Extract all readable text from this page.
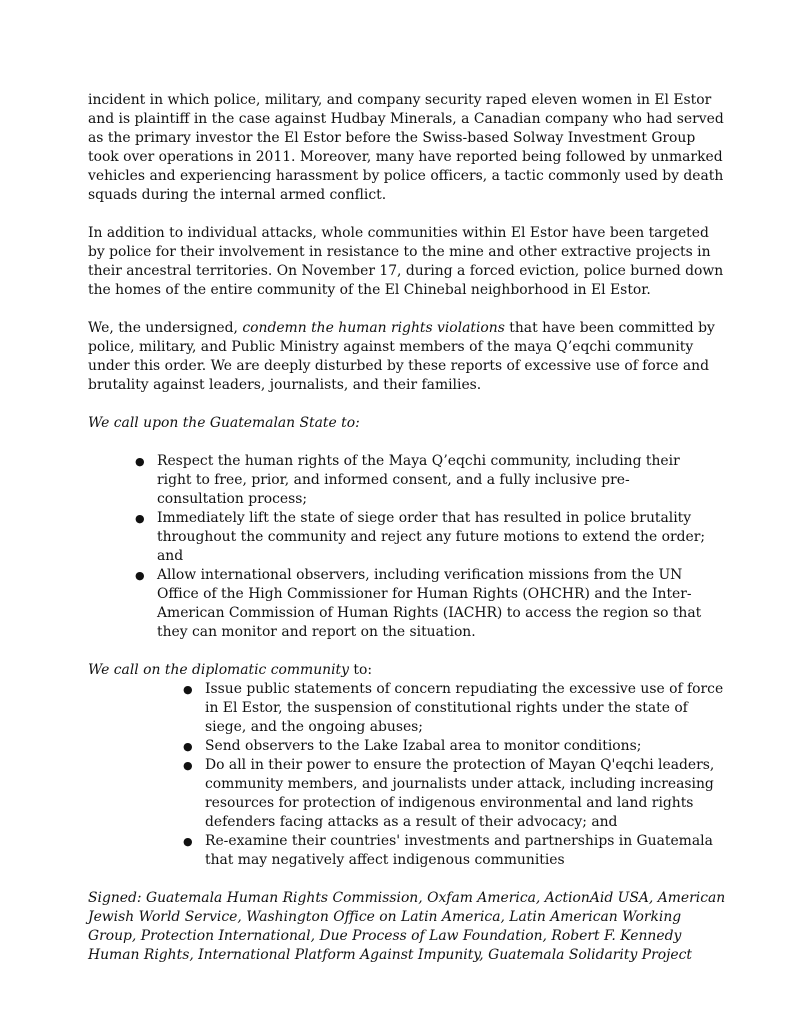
incident in which police, military, and company security raped eleven women in El Estor and is plaintiff in the case against Hudbay Minerals, a Canadian company who had served as the primary investor the El Estor before the Swiss-based Solway Investment Group took over operations in 2011. Moreover, many have reported being followed by unmarked vehicles and experiencing harassment by police officers, a tactic commonly used by death squads during the internal armed conflict.

In addition to individual attacks, whole communities within El Estor have been targeted by police for their involvement in resistance to the mine and other extractive projects in their ancestral territories. On November 17, during a forced eviction, police burned down the homes of the entire community of the El Chinebal neighborhood in El Estor.

We, the undersigned, condemn the human rights violations that have been committed by police, military, and Public Ministry against members of the maya Q’eqchi community under this order. We are deeply disturbed by these reports of excessive use of force and brutality against leaders, journalists, and their families.

We call upon the Guatemalan State to:

● Respect the human rights of the Maya Q’eqchi community, including their right to free, prior, and informed consent, and a fully inclusive pre-consultation process;
● Immediately lift the state of siege order that has resulted in police brutality throughout the community and reject any future motions to extend the order; and
● Allow international observers, including verification missions from the UN Office of the High Commissioner for Human Rights (OHCHR) and the Inter-American Commission of Human Rights (IACHR) to access the region so that they can monitor and report on the situation.

We call on the diplomatic community to:

● Issue public statements of concern repudiating the excessive use of force in El Estor, the suspension of constitutional rights under the state of siege, and the ongoing abuses;
● Send observers to the Lake Izabal area to monitor conditions;
● Do all in their power to ensure the protection of Mayan Q'eqchi leaders, community members, and journalists under attack, including increasing resources for protection of indigenous environmental and land rights defenders facing attacks as a result of their advocacy; and
● Re-examine their countries' investments and partnerships in Guatemala that may negatively affect indigenous communities

Signed: Guatemala Human Rights Commission, Oxfam America, ActionAid USA, American Jewish World Service, Washington Office on Latin America, Latin American Working Group, Protection International, Due Process of Law Foundation, Robert F. Kennedy Human Rights, International Platform Against Impunity, Guatemala Solidarity Project
